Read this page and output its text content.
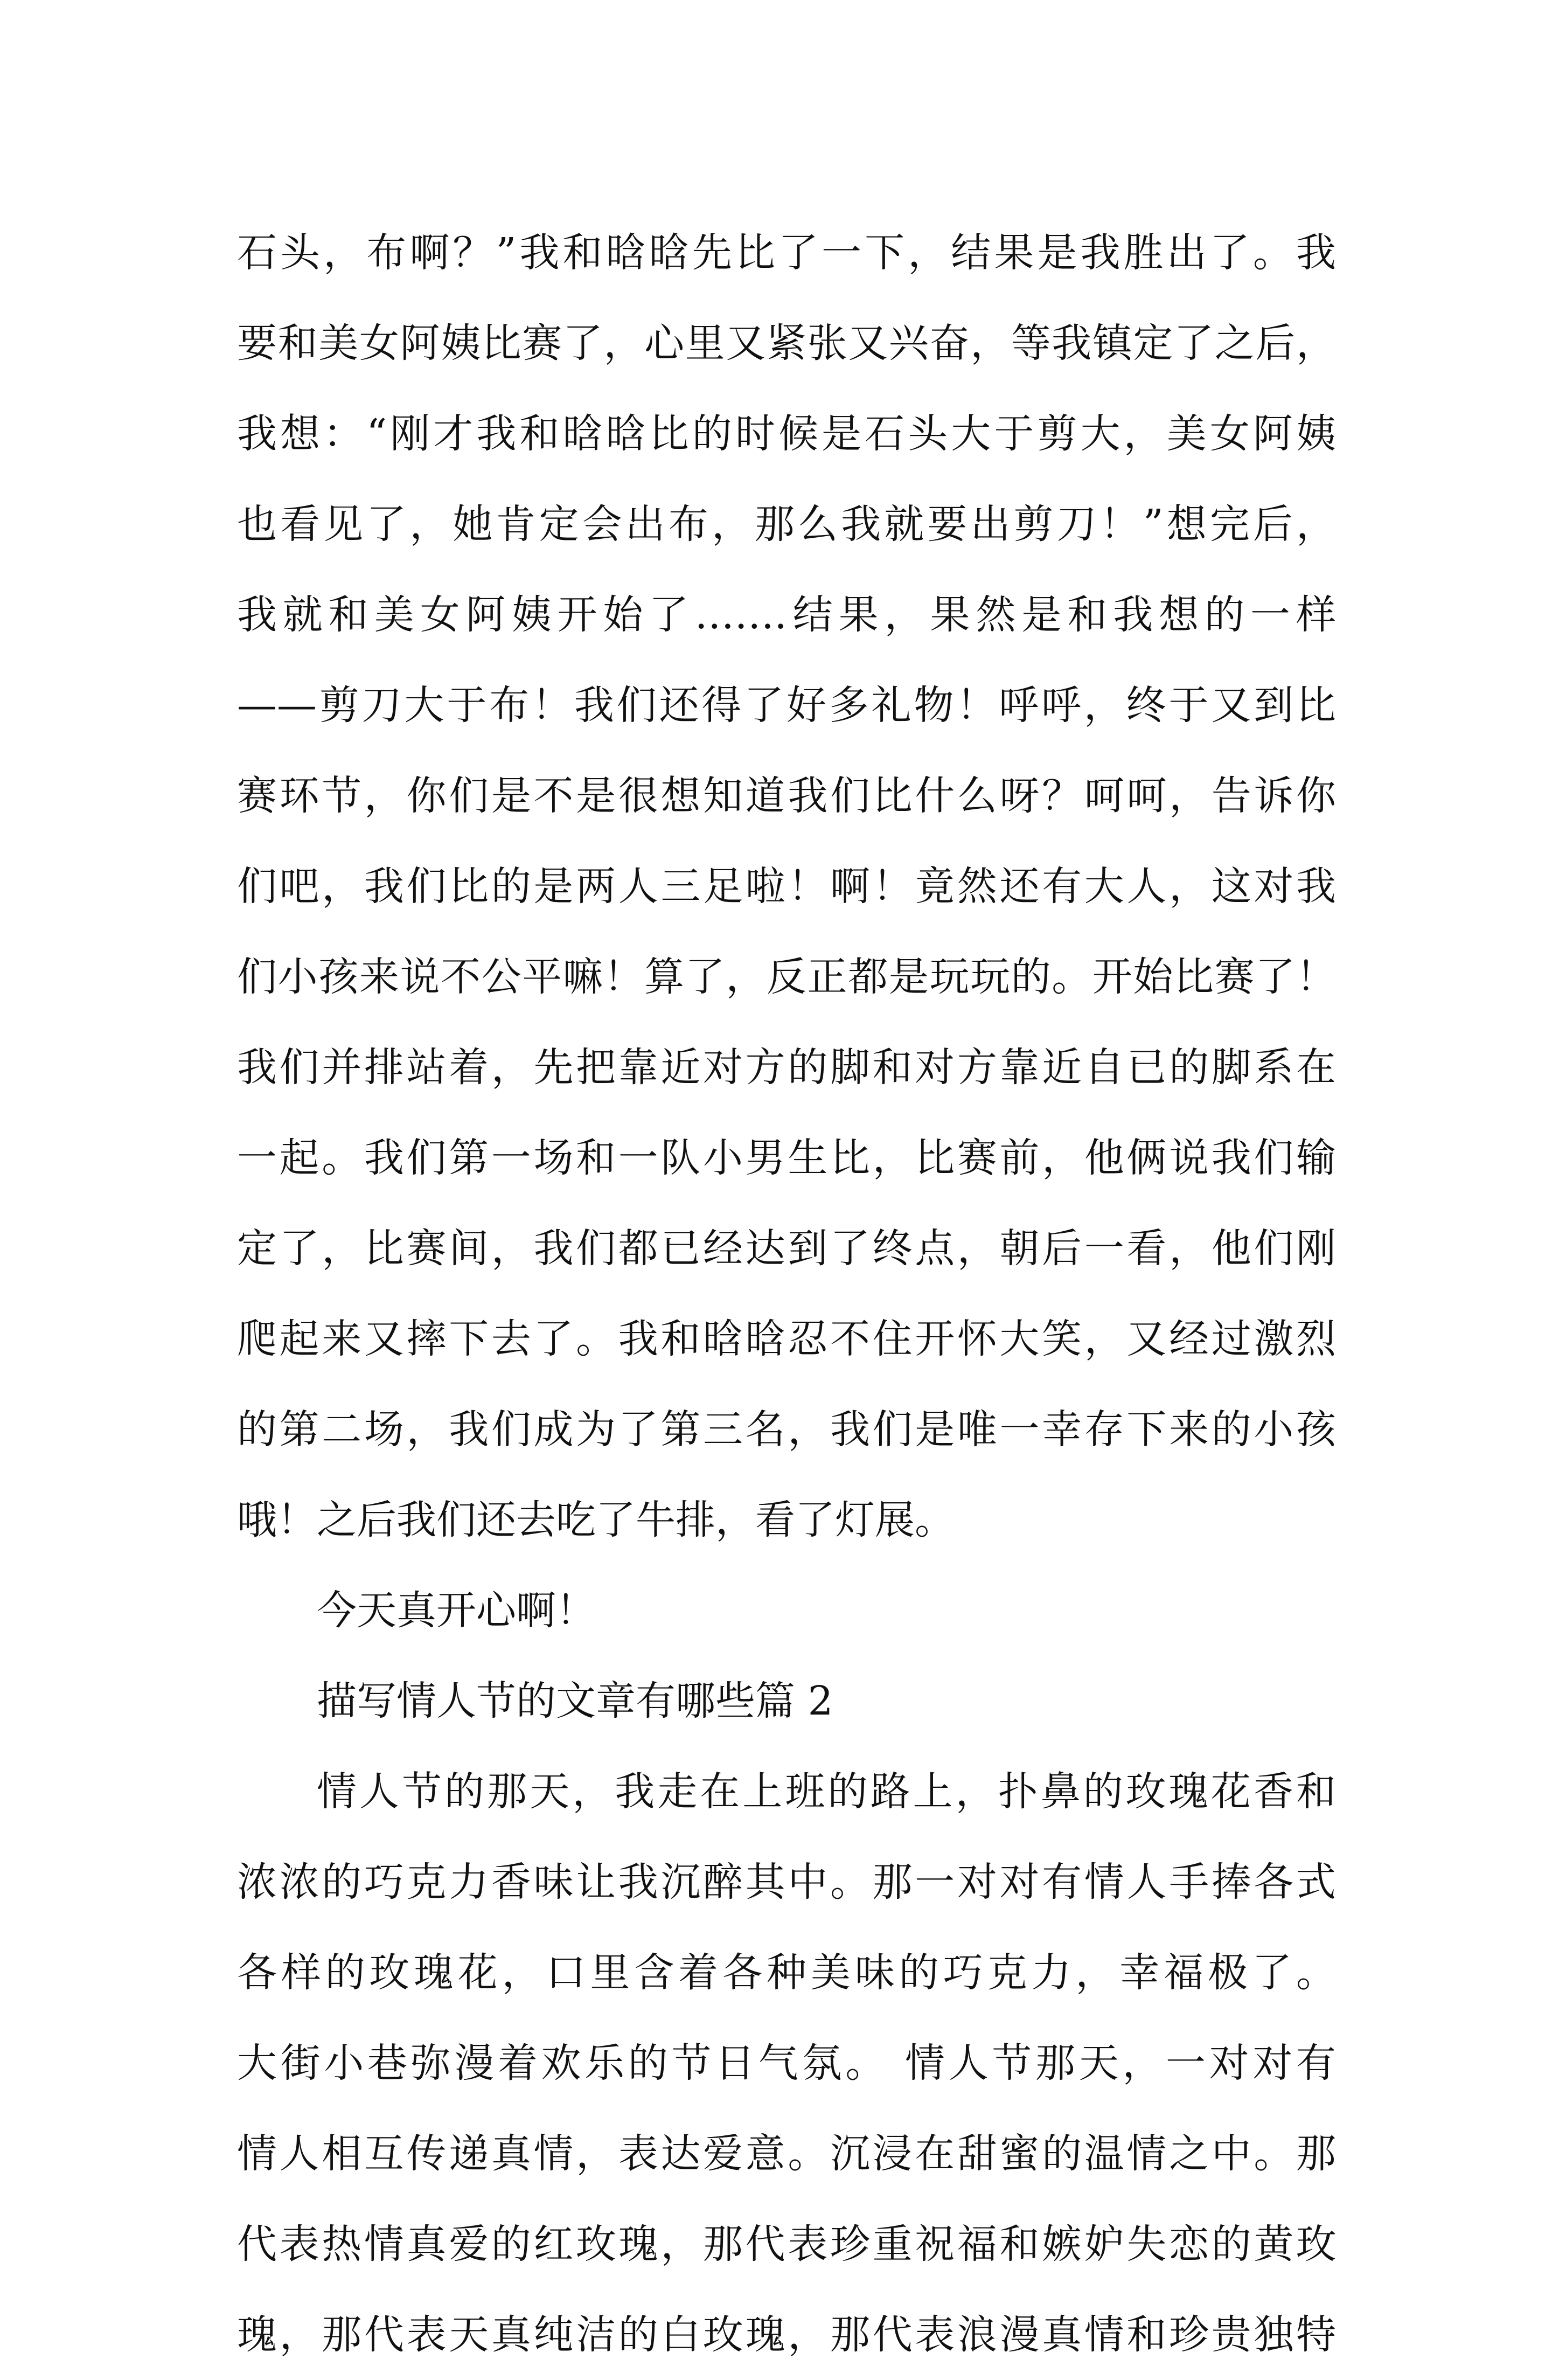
石头，布啊？”我和晗晗先比了一下，结果是我胜出了。我
要和美女阿姨比赛了，心里又紧张又兴奋，等我镇定了之后，
我想：“刚才我和晗晗比的时候是石头大于剪大，美女阿姨
也看见了，她肯定会出布，那么我就要出剪刀！”想完后，
我就和美女阿姨开始了…….结果，果然是和我想的一样
——剪刀大于布！我们还得了好多礼物！呼呼，终于又到比
赛环节，你们是不是很想知道我们比什么呀？呵呵，告诉你
们吧，我们比的是两人三足啦！啊！竟然还有大人，这对我
们小孩来说不公平嘛！算了，反正都是玩玩的。开始比赛了！
我们并排站着，先把靠近对方的脚和对方靠近自已的脚系在
一起。我们第一场和一队小男生比，比赛前，他俩说我们输
定了，比赛间，我们都已经达到了终点，朝后一看，他们刚
爬起来又摔下去了。我和晗晗忍不住开怀大笑，又经过激烈
的第二场，我们成为了第三名，我们是唯一幸存下来的小孩
哦！之后我们还去吃了牛排，看了灯展。
今天真开心啊！
描写情人节的文章有哪些篇 2
情人节的那天，我走在上班的路上，扑鼻的玫瑰花香和
浓浓的巧克力香味让我沉醉其中。那一对对有情人手捧各式
各样的玫瑰花，口里含着各种美味的巧克力，幸福极了。
大街小巷弥漫着欢乐的节日气氛。 情人节那天，一对对有
情人相互传递真情，表达爱意。沉浸在甜蜜的温情之中。那
代表热情真爱的红玫瑰，那代表珍重祝福和嫉妒失恋的黄玫
瑰，那代表天真纯洁的白玫瑰，那代表浪漫真情和珍贵独特
